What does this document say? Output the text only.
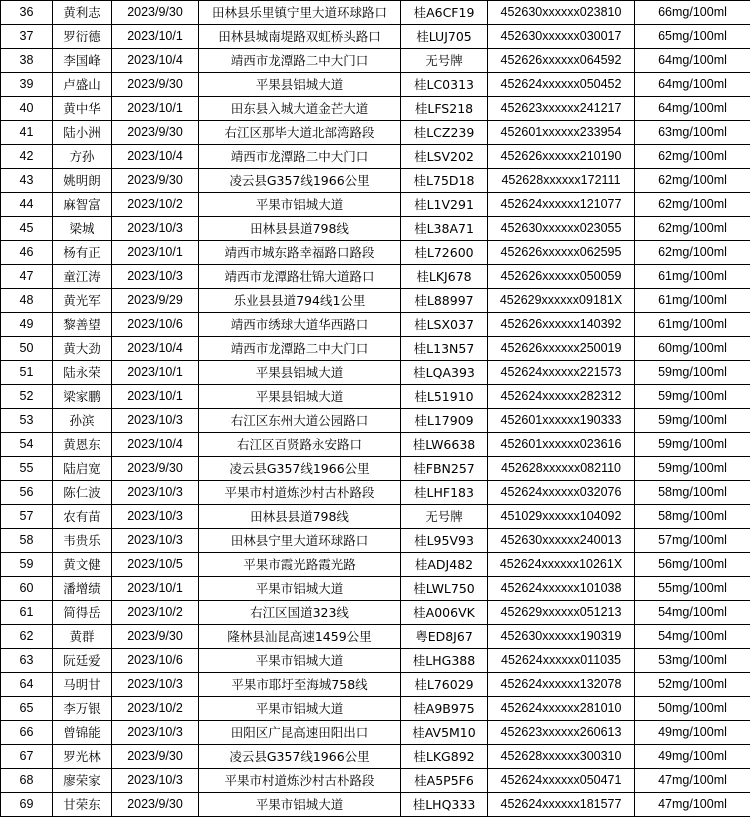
36	黄利志	2023/9/30	田林县乐里镇宁里大道环球路口	桂A6CF19	452630xxxxxx023810	66mg/100ml
37	罗衍德	2023/10/1	田林县城南堤路双虹桥头路口	桂LUJ705	452630xxxxxx030017	65mg/100ml
38	李国峰	2023/10/4	靖西市龙潭路二中大门口	无号牌	452626xxxxxx064592	64mg/100ml
39	卢盛山	2023/9/30	平果县铝城大道	桂LC0313	452624xxxxxx050452	64mg/100ml
40	黄中华	2023/10/1	田东县入城大道金芒大道	桂LFS218	452623xxxxxx241217	64mg/100ml
41	陆小洲	2023/9/30	右江区那毕大道北部湾路段	桂LCZ239	452601xxxxxx233954	63mg/100ml
42	方孙	2023/10/4	靖西市龙潭路二中大门口	桂LSV202	452626xxxxxx210190	62mg/100ml
43	姚明朗	2023/9/30	凌云县G357线1966公里	桂L75D18	452628xxxxxx172111	62mg/100ml
44	麻智富	2023/10/2	平果市铝城大道	桂L1V291	452624xxxxxx121077	62mg/100ml
45	梁城	2023/10/3	田林县县道798线	桂L38A71	452630xxxxxx023055	62mg/100ml
46	杨有正	2023/10/1	靖西市城东路幸福路口路段	桂L72600	452626xxxxxx062595	62mg/100ml
47	童江涛	2023/10/3	靖西市龙潭路壮锦大道路口	桂LKJ678	452626xxxxxx050059	61mg/100ml
48	黄光军	2023/9/29	乐业县县道794线1公里	桂L88997	452629xxxxxx09181X	61mg/100ml
49	黎善望	2023/10/6	靖西市绣球大道华西路口	桂LSX037	452626xxxxxx140392	61mg/100ml
50	黄大劲	2023/10/4	靖西市龙潭路二中大门口	桂L13N57	452626xxxxxx250019	60mg/100ml
51	陆永荣	2023/10/1	平果县铝城大道	桂LQA393	452624xxxxxx221573	59mg/100ml
52	梁家鹏	2023/10/1	平果县铝城大道	桂L51910	452624xxxxxx282312	59mg/100ml
53	孙滨	2023/10/3	右江区东州大道公园路口	桂L17909	452601xxxxxx190333	59mg/100ml
54	黄恩东	2023/10/4	右江区百贤路永安路口	桂LW6638	452601xxxxxx023616	59mg/100ml
55	陆启宽	2023/9/30	凌云县G357线1966公里	桂FBN257	452628xxxxxx082110	59mg/100ml
56	陈仁波	2023/10/3	平果市村道炼沙村古朴路段	桂LHF183	452624xxxxxx032076	58mg/100ml
57	农有苗	2023/10/3	田林县县道798线	无号牌	451029xxxxxx104092	58mg/100ml
58	韦贵乐	2023/10/3	田林县宁里大道环球路口	桂L95V93	452630xxxxxx240013	57mg/100ml
59	黄文健	2023/10/5	平果市霞光路霞光路	桂ADJ482	452624xxxxxx10261X	56mg/100ml
60	潘增绩	2023/10/1	平果市铝城大道	桂LWL750	452624xxxxxx101038	55mg/100ml
61	简得岳	2023/10/2	右江区国道323线	桂A006VK	452629xxxxxx051213	54mg/100ml
62	黄群	2023/9/30	隆林县汕昆高速1459公里	粤ED8J67	452630xxxxxx190319	54mg/100ml
63	阮廷爱	2023/10/6	平果市铝城大道	桂LHG388	452624xxxxxx011035	53mg/100ml
64	马明甘	2023/10/3	平果市耶圩至海城758线	桂L76029	452624xxxxxx132078	52mg/100ml
65	李万银	2023/10/2	平果市铝城大道	桂A9B975	452624xxxxxx281010	50mg/100ml
66	曾锦能	2023/10/3	田阳区广昆高速田阳出口	桂AV5M10	452623xxxxxx260613	49mg/100ml
67	罗光林	2023/9/30	凌云县G357线1966公里	桂LKG892	452628xxxxxx300310	49mg/100ml
68	廖荣家	2023/10/3	平果市村道炼沙村古朴路段	桂A5P5F6	452624xxxxxx050471	47mg/100ml
69	甘荣东	2023/9/30	平果市铝城大道	桂LHQ333	452624xxxxxx181577	47mg/100ml
